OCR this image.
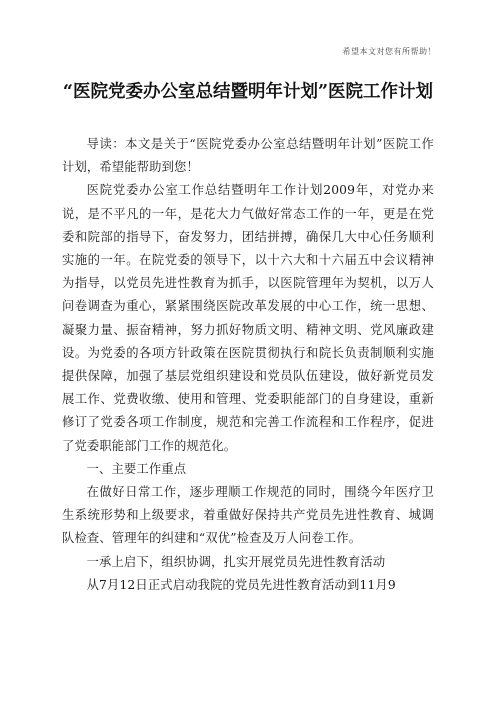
希望本文对您有所帮助！
“医院党委办公室总结暨明年计划”医院工作计划

导读：本文是关于“医院党委办公室总结暨明年计划”医院工作计划，希望能帮助到您！

医院党委办公室工作总结暨明年工作计划2009年，对党办来说，是不平凡的一年，是花大力气做好常态工作的一年，更是在党委和院部的指导下，奋发努力，团结拼搏，确保几大中心任务顺利实施的一年。在院党委的领导下，以十六大和十六届五中会议精神为指导，以党员先进性教育为抓手，以医院管理年为契机，以万人问卷调查为重心，紧紧围绕医院改革发展的中心工作，统一思想、凝聚力量、振奋精神，努力抓好物质文明、精神文明、党风廉政建设。为党委的各项方针政策在医院贯彻执行和院长负责制顺利实施提供保障，加强了基层党组织建设和党员队伍建设，做好新党员发展工作、党费收缴、使用和管理、党委职能部门的自身建设，重新修订了党委各项工作制度，规范和完善工作流程和工作程序，促进了党委职能部门工作的规范化。

一、主要工作重点

在做好日常工作，逐步理顺工作规范的同时，围绕今年医疗卫生系统形势和上级要求，着重做好保持共产党员先进性教育、城调队检查、管理年的纠建和“双优”检查及万人问卷工作。

一承上启下，组织协调，扎实开展党员先进性教育活动

从7月12日正式启动我院的党员先进性教育活动到11月9
